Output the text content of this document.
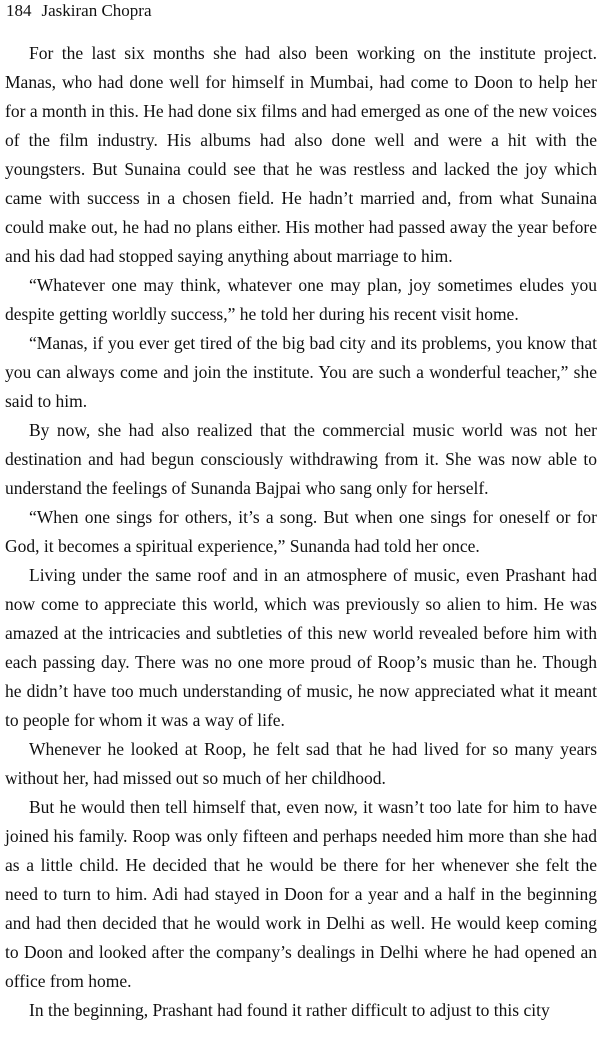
184 Jaskiran Chopra

For the last six months she had also been working on the institute project. Manas, who had done well for himself in Mumbai, had come to Doon to help her for a month in this. He had done six films and had emerged as one of the new voices of the film industry. His albums had also done well and were a hit with the youngsters. But Sunaina could see that he was restless and lacked the joy which came with success in a chosen field. He hadn’t married and, from what Sunaina could make out, he had no plans either. His mother had passed away the year before and his dad had stopped saying anything about marriage to him.

“Whatever one may think, whatever one may plan, joy sometimes eludes you despite getting worldly success,” he told her during his recent visit home.

“Manas, if you ever get tired of the big bad city and its problems, you know that you can always come and join the institute. You are such a wonderful teacher,” she said to him.

By now, she had also realized that the commercial music world was not her destination and had begun consciously withdrawing from it. She was now able to understand the feelings of Sunanda Bajpai who sang only for herself.

“When one sings for others, it’s a song. But when one sings for oneself or for God, it becomes a spiritual experience,” Sunanda had told her once.

Living under the same roof and in an atmosphere of music, even Prashant had now come to appreciate this world, which was previously so alien to him. He was amazed at the intricacies and subtleties of this new world revealed before him with each passing day. There was no one more proud of Roop’s music than he. Though he didn’t have too much understanding of music, he now appreciated what it meant to people for whom it was a way of life.

Whenever he looked at Roop, he felt sad that he had lived for so many years without her, had missed out so much of her childhood.

But he would then tell himself that, even now, it wasn’t too late for him to have joined his family. Roop was only fifteen and perhaps needed him more than she had as a little child. He decided that he would be there for her whenever she felt the need to turn to him. Adi had stayed in Doon for a year and a half in the beginning and had then decided that he would work in Delhi as well. He would keep coming to Doon and looked after the company’s dealings in Delhi where he had opened an office from home.

In the beginning, Prashant had found it rather difficult to adjust to this city
